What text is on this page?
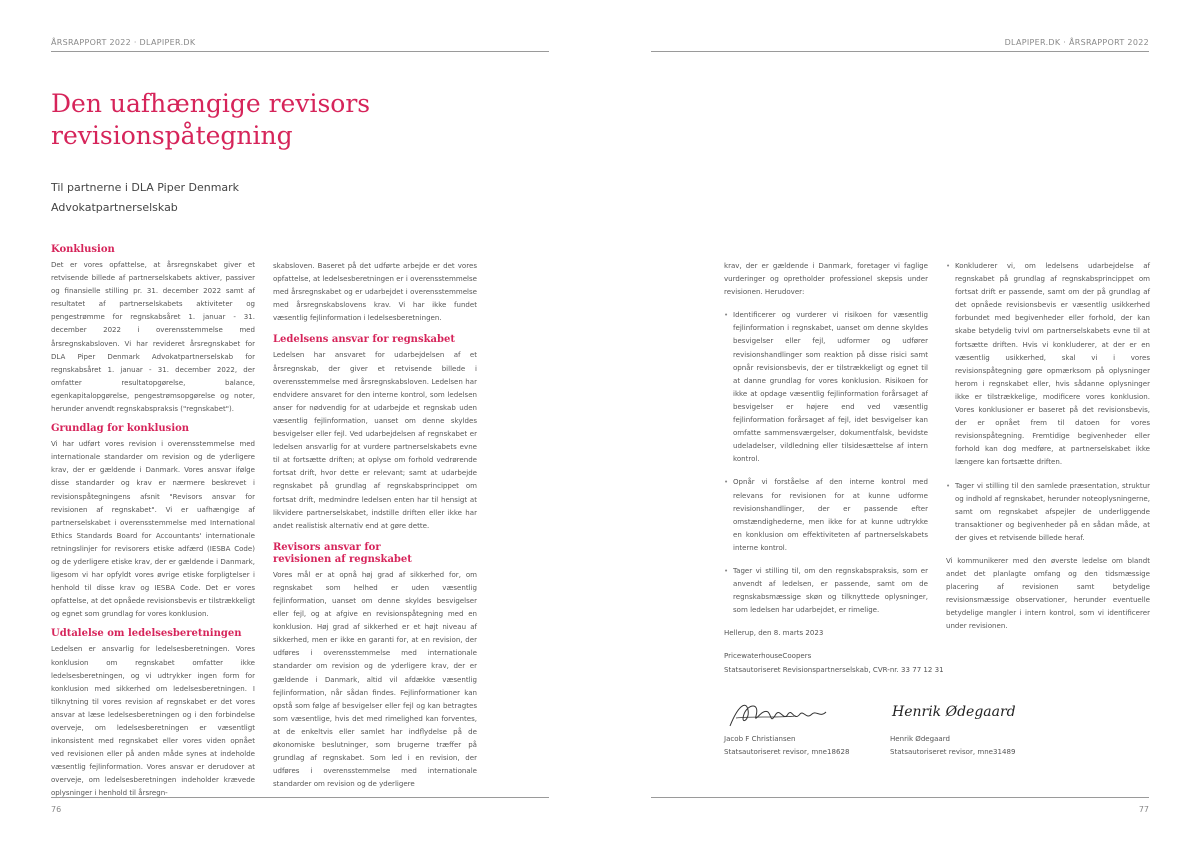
ÅRSRAPPORT 2022 · DLAPIPER.DK	DLAPIPER.DK · ÅRSRAPPORT 2022
Den uafhængige revisors
revisionspåtegning
Til partnerne i DLA Piper Denmark
Advokatpartnerselskab
Konklusion

Det er vores opfattelse, at årsregnskabet giver et retvisende billede af partnerselskabets aktiver, passiver og finansielle stilling pr. 31. december 2022 samt af resultatet af partnerselskabets aktiviteter og pengestrømme for regnskabsåret 1. januar - 31. december 2022 i overensstemmelse med årsregnskabsloven. Vi har revideret årsregnskabet for DLA Piper Denmark Advokatpartnerselskab for regnskabsåret 1. januar - 31. december 2022, der omfatter resultatopgørelse, balance, egenkapitalopgørelse, pengestrømsopgørelse og noter, herunder anvendt regnskabspraksis ("regnskabet").

Grundlag for konklusion

Vi har udført vores revision i overensstemmelse med internationale standarder om revision og de yderligere krav, der er gældende i Danmark. Vores ansvar ifølge disse standarder og krav er nærmere beskrevet i revisionspåtegningens afsnit "Revisors ansvar for revisionen af regnskabet". Vi er uafhængige af partnerselskabet i overensstemmelse med International Ethics Standards Board for Accountants' internationale retningslinjer for revisorers etiske adfærd (IESBA Code) og de yderligere etiske krav, der er gældende i Danmark, ligesom vi har opfyldt vores øvrige etiske forpligtelser i henhold til disse krav og IESBA Code. Det er vores opfattelse, at det opnåede revisionsbevis er tilstrækkeligt og egnet som grundlag for vores konklusion.

Udtalelse om ledelsesberetningen

Ledelsen er ansvarlig for ledelsesberetningen. Vores konklusion om regnskabet omfatter ikke ledelsesberetningen, og vi udtrykker ingen form for konklusion med sikkerhed om ledelsesberetningen. I tilknytning til vores revision af regnskabet er det vores ansvar at læse ledelsesberetningen og i den forbindelse overveje, om ledelsesberetningen er væsentligt inkonsistent med regnskabet eller vores viden opnået ved revisionen eller på anden måde synes at indeholde væsentlig fejlinformation. Vores ansvar er derudover at overveje, om ledelsesberetningen indeholder krævede oplysninger i henhold til årsregn-

skabsloven. Baseret på det udførte arbejde er det vores opfattelse, at ledelsesberetningen er i overensstemmelse med årsregnskabet og er udarbejdet i overensstemmelse med årsregnskabslovens krav. Vi har ikke fundet væsentlig fejlinformation i ledelsesberetningen.

Ledelsens ansvar for regnskabet

Ledelsen har ansvaret for udarbejdelsen af et årsregnskab, der giver et retvisende billede i overensstemmelse med årsregnskabsloven. Ledelsen har endvidere ansvaret for den interne kontrol, som ledelsen anser for nødvendig for at udarbejde et regnskab uden væsentlig fejlinformation, uanset om denne skyldes besvigelser eller fejl. Ved udarbejdelsen af regnskabet er ledelsen ansvarlig for at vurdere partnerselskabets evne til at fortsætte driften; at oplyse om forhold vedrørende fortsat drift, hvor dette er relevant; samt at udarbejde regnskabet på grundlag af regnskabsprincippet om fortsat drift, medmindre ledelsen enten har til hensigt at likvidere partnerselskabet, indstille driften eller ikke har andet realistisk alternativ end at gøre dette.

Revisors ansvar for
revisionen af regnskabet

Vores mål er at opnå høj grad af sikkerhed for, om regnskabet som helhed er uden væsentlig fejlinformation, uanset om denne skyldes besvigelser eller fejl, og at afgive en revisionspåtegning med en konklusion. Høj grad af sikkerhed er et højt niveau af sikkerhed, men er ikke en garanti for, at en revision, der udføres i overensstemmelse med internationale standarder om revision og de yderligere krav, der er gældende i Danmark, altid vil afdække væsentlig fejlinformation, når sådan findes. Fejlinformationer kan opstå som følge af besvigelser eller fejl og kan betragtes som væsentlige, hvis det med rimelighed kan forventes, at de enkeltvis eller samlet har indflydelse på de økonomiske beslutninger, som brugerne træffer på grundlag af regnskabet. Som led i en revision, der udføres i overensstemmelse med internationale standarder om revision og de yderligere

krav, der er gældende i Danmark, foretager vi faglige vurderinger og opretholder professionel skepsis under revisionen. Herudover:

• Identificerer og vurderer vi risikoen for væsentlig fejlinformation i regnskabet, uanset om denne skyldes besvigelser eller fejl, udformer og udfører revisionshandlinger som reaktion på disse risici samt opnår revisionsbevis, der er tilstrækkeligt og egnet til at danne grundlag for vores konklusion. Risikoen for ikke at opdage væsentlig fejlinformation forårsaget af besvigelser er højere end ved væsentlig fejlinformation forårsaget af fejl, idet besvigelser kan omfatte sammensværgelser, dokumentfalsk, bevidste udeladelser, vildledning eller tilsidesættelse af intern kontrol.
• Opnår vi forståelse af den interne kontrol med relevans for revisionen for at kunne udforme revisionshandlinger, der er passende efter omstændighederne, men ikke for at kunne udtrykke en konklusion om effektiviteten af partnerselskabets interne kontrol.
• Tager vi stilling til, om den regnskabspraksis, som er anvendt af ledelsen, er passende, samt om de regnskabsmæssige skøn og tilknyttede oplysninger, som ledelsen har udarbejdet, er rimelige.

Hellerup, den 8. marts 2023

PricewaterhouseCoopers

Statsautoriseret Revisionspartnerselskab, CVR-nr. 33 77 12 31

• Konkluderer vi, om ledelsens udarbejdelse af regnskabet på grundlag af regnskabsprincippet om fortsat drift er passende, samt om der på grundlag af det opnåede revisionsbevis er væsentlig usikkerhed forbundet med begivenheder eller forhold, der kan skabe betydelig tvivl om partnerselskabets evne til at fortsætte driften. Hvis vi konkluderer, at der er en væsentlig usikkerhed, skal vi i vores revisionspåtegning gøre opmærksom på oplysninger herom i regnskabet eller, hvis sådanne oplysninger ikke er tilstrækkelige, modificere vores konklusion. Vores konklusioner er baseret på det revisionsbevis, der er opnået frem til datoen for vores revisionspåtegning. Fremtidige begivenheder eller forhold kan dog medføre, at partnerselskabet ikke længere kan fortsætte driften.
• Tager vi stilling til den samlede præsentation, struktur og indhold af regnskabet, herunder noteoplysningerne, samt om regnskabet afspejler de underliggende transaktioner og begivenheder på en sådan måde, at der gives et retvisende billede heraf.

Vi kommunikerer med den øverste ledelse om blandt andet det planlagte omfang og den tidsmæssige placering af revisionen samt betydelige revisionsmæssige observationer, herunder eventuelle betydelige mangler i intern kontrol, som vi identificerer under revisionen.

Henrik Ødegaard
Jacob F Christiansen
Statsautoriseret revisor, mne18628
Henrik Ødegaard
Statsautoriseret revisor, mne31489
76	77
